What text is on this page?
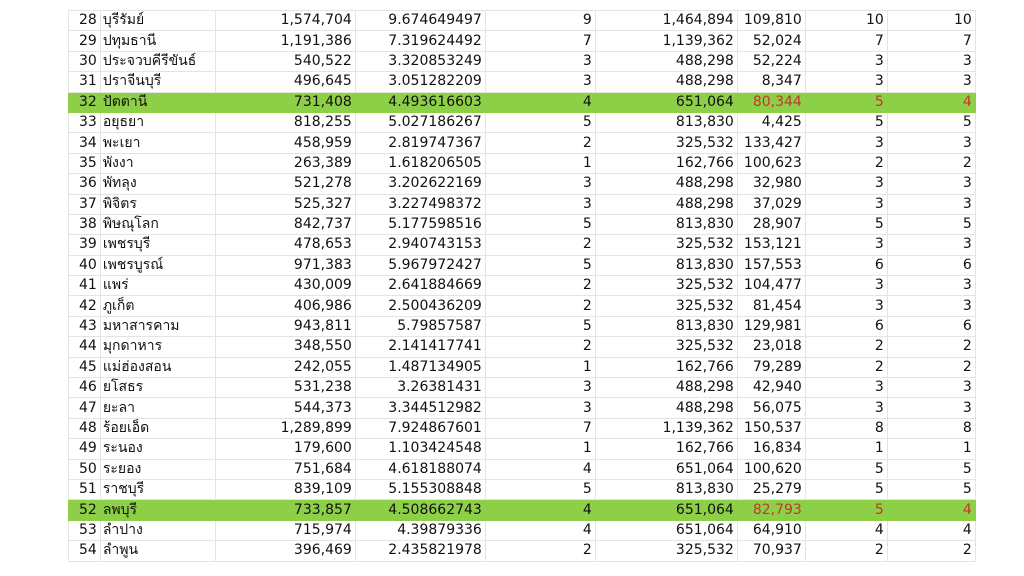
28	บุรีรัมย์	1,574,704	9.674649497	9	1,464,894	109,810	10	10
29	ปทุมธานี	1,191,386	7.319624492	7	1,139,362	52,024	7	7
30	ประจวบคีรีขันธ์	540,522	3.320853249	3	488,298	52,224	3	3
31	ปราจีนบุรี	496,645	3.051282209	3	488,298	8,347	3	3
32	ปัตตานี	731,408	4.493616603	4	651,064	80,344	5	4
33	อยุธยา	818,255	5.027186267	5	813,830	4,425	5	5
34	พะเยา	458,959	2.819747367	2	325,532	133,427	3	3
35	พังงา	263,389	1.618206505	1	162,766	100,623	2	2
36	พัทลุง	521,278	3.202622169	3	488,298	32,980	3	3
37	พิจิตร	525,327	3.227498372	3	488,298	37,029	3	3
38	พิษณุโลก	842,737	5.177598516	5	813,830	28,907	5	5
39	เพชรบุรี	478,653	2.940743153	2	325,532	153,121	3	3
40	เพชรบูรณ์	971,383	5.967972427	5	813,830	157,553	6	6
41	แพร่	430,009	2.641884669	2	325,532	104,477	3	3
42	ภูเก็ต	406,986	2.500436209	2	325,532	81,454	3	3
43	มหาสารคาม	943,811	5.79857587	5	813,830	129,981	6	6
44	มุกดาหาร	348,550	2.141417741	2	325,532	23,018	2	2
45	แม่ฮ่องสอน	242,055	1.487134905	1	162,766	79,289	2	2
46	ยโสธร	531,238	3.26381431	3	488,298	42,940	3	3
47	ยะลา	544,373	3.344512982	3	488,298	56,075	3	3
48	ร้อยเอ็ด	1,289,899	7.924867601	7	1,139,362	150,537	8	8
49	ระนอง	179,600	1.103424548	1	162,766	16,834	1	1
50	ระยอง	751,684	4.618188074	4	651,064	100,620	5	5
51	ราชบุรี	839,109	5.155308848	5	813,830	25,279	5	5
52	ลพบุรี	733,857	4.508662743	4	651,064	82,793	5	4
53	ลำปาง	715,974	4.39879336	4	651,064	64,910	4	4
54	ลำพูน	396,469	2.435821978	2	325,532	70,937	2	2
